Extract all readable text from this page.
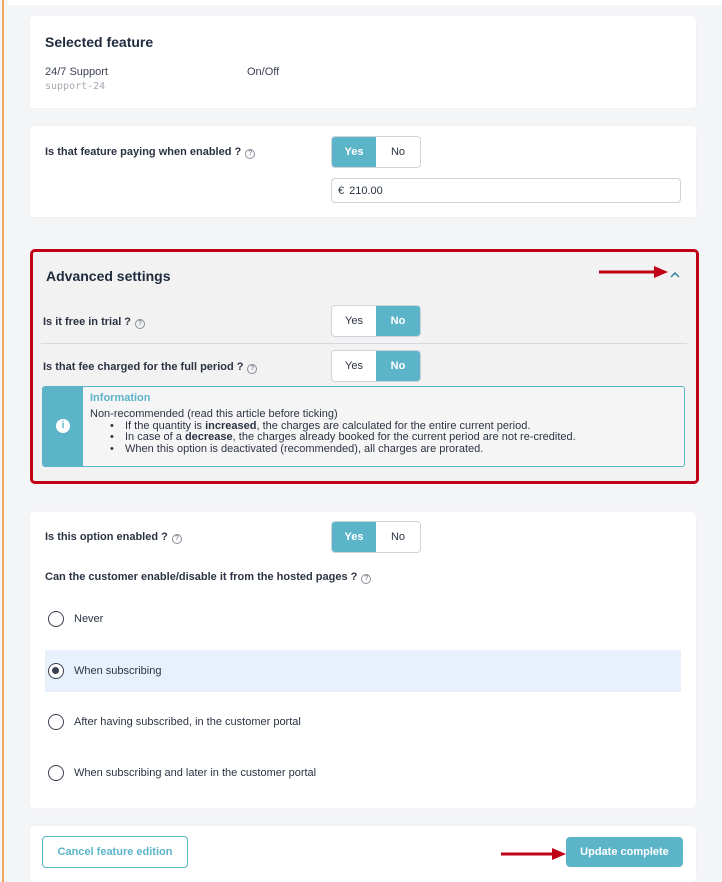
Selected feature
24/7 Support
support-24
On/Off
Is that feature paying when enabled ? ?	Yes	No
€ 210.00
Advanced settings
Is it free in trial ? ?	Yes	No
Is that fee charged for the full period ? ?	Yes	No
i
Information
Non-recommended (read this article before ticking)
• If the quantity is increased, the charges are calculated for the entire current period.
• In case of a decrease, the charges already booked for the current period are not re-credited.
• When this option is deactivated (recommended), all charges are prorated.
Is this option enabled ? ?	Yes	No
Can the customer enable/disable it from the hosted pages ? ?
Never
When subscribing
After having subscribed, in the customer portal
When subscribing and later in the customer portal
Cancel feature edition	Update complete
